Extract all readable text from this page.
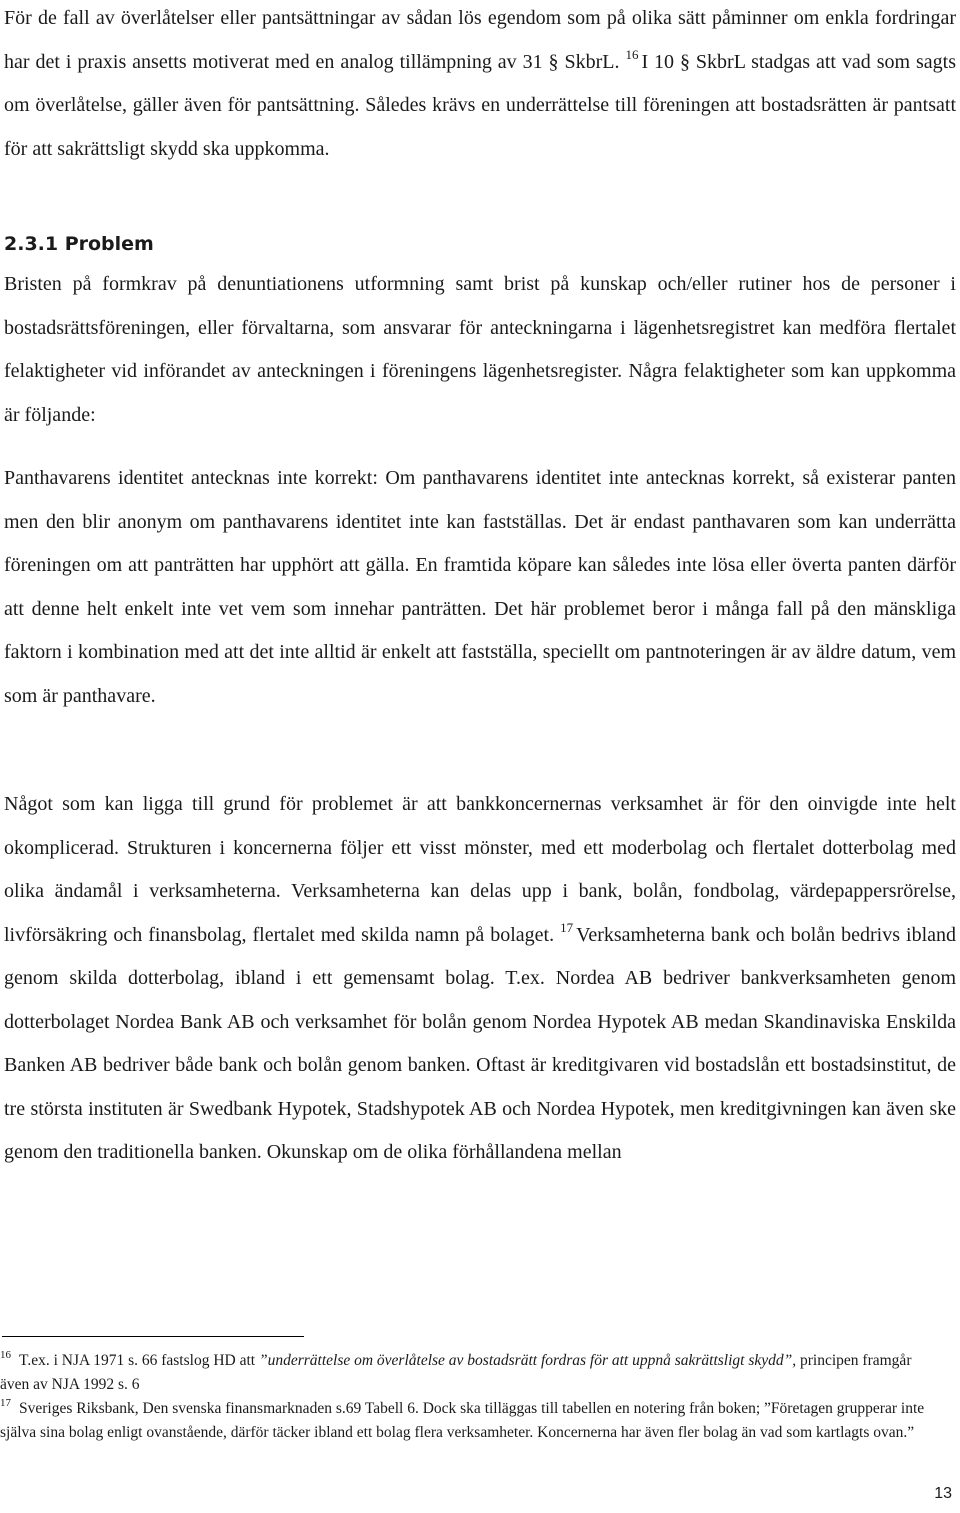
För de fall av överlåtelser eller pantsättningar av sådan lös egendom som på olika sätt påminner om enkla fordringar har det i praxis ansetts motiverat med en analog tillämpning av 31 § SkbrL. $^{16}$ I 10 § SkbrL stadgas att vad som sagts om överlåtelse, gäller även för pantsättning. Således krävs en underrättelse till föreningen att bostadsrätten är pantsatt för att sakrättsligt skydd ska uppkomma.

2.3.1 Problem

Bristen på formkrav på denuntiationens utformning samt brist på kunskap och/eller rutiner hos de personer i bostadsrättsföreningen, eller förvaltarna, som ansvarar för anteckningarna i lägenhetsregistret kan medföra flertalet felaktigheter vid införandet av anteckningen i föreningens lägenhetsregister. Några felaktigheter som kan uppkomma är följande:

Panthavarens identitet antecknas inte korrekt: Om panthavarens identitet inte antecknas korrekt, så existerar panten men den blir anonym om panthavarens identitet inte kan fastställas. Det är endast panthavaren som kan underrätta föreningen om att panträtten har upphört att gälla. En framtida köpare kan således inte lösa eller överta panten därför att denne helt enkelt inte vet vem som innehar panträtten. Det här problemet beror i många fall på den mänskliga faktorn i kombination med att det inte alltid är enkelt att fastställa, speciellt om pantnoteringen är av äldre datum, vem som är panthavare.

Något som kan ligga till grund för problemet är att bankkoncernernas verksamhet är för den oinvigde inte helt okomplicerad. Strukturen i koncernerna följer ett visst mönster, med ett moderbolag och flertalet dotterbolag med olika ändamål i verksamheterna. Verksamheterna kan delas upp i bank, bolån, fondbolag, värdepappersrörelse, livförsäkring och finansbolag, flertalet med skilda namn på bolaget. $^{17}$ Verksamheterna bank och bolån bedrivs ibland genom skilda dotterbolag, ibland i ett gemensamt bolag. T.ex. Nordea AB bedriver bankverksamheten genom dotterbolaget Nordea Bank AB och verksamhet för bolån genom Nordea Hypotek AB medan Skandinaviska Enskilda Banken AB bedriver både bank och bolån genom banken. Oftast är kreditgivaren vid bostadslån ett bostadsinstitut, de tre största instituten är Swedbank Hypotek, Stadshypotek AB och Nordea Hypotek, men kreditgivningen kan även ske genom den traditionella banken. Okunskap om de olika förhållandena mellan

$^{16}$ T.ex. i NJA 1971 s. 66 fastslog HD att ”underrättelse om överlåtelse av bostadsrätt fordras för att uppnå sakrättsligt skydd”, principen framgår även av NJA 1992 s. 6

$^{17}$ Sveriges Riksbank, Den svenska finansmarknaden s.69 Tabell 6. Dock ska tilläggas till tabellen en notering från boken; ”Företagen grupperar inte själva sina bolag enligt ovanstående, därför täcker ibland ett bolag flera verksamheter. Koncernerna har även fler bolag än vad som kartlagts ovan.”

13
